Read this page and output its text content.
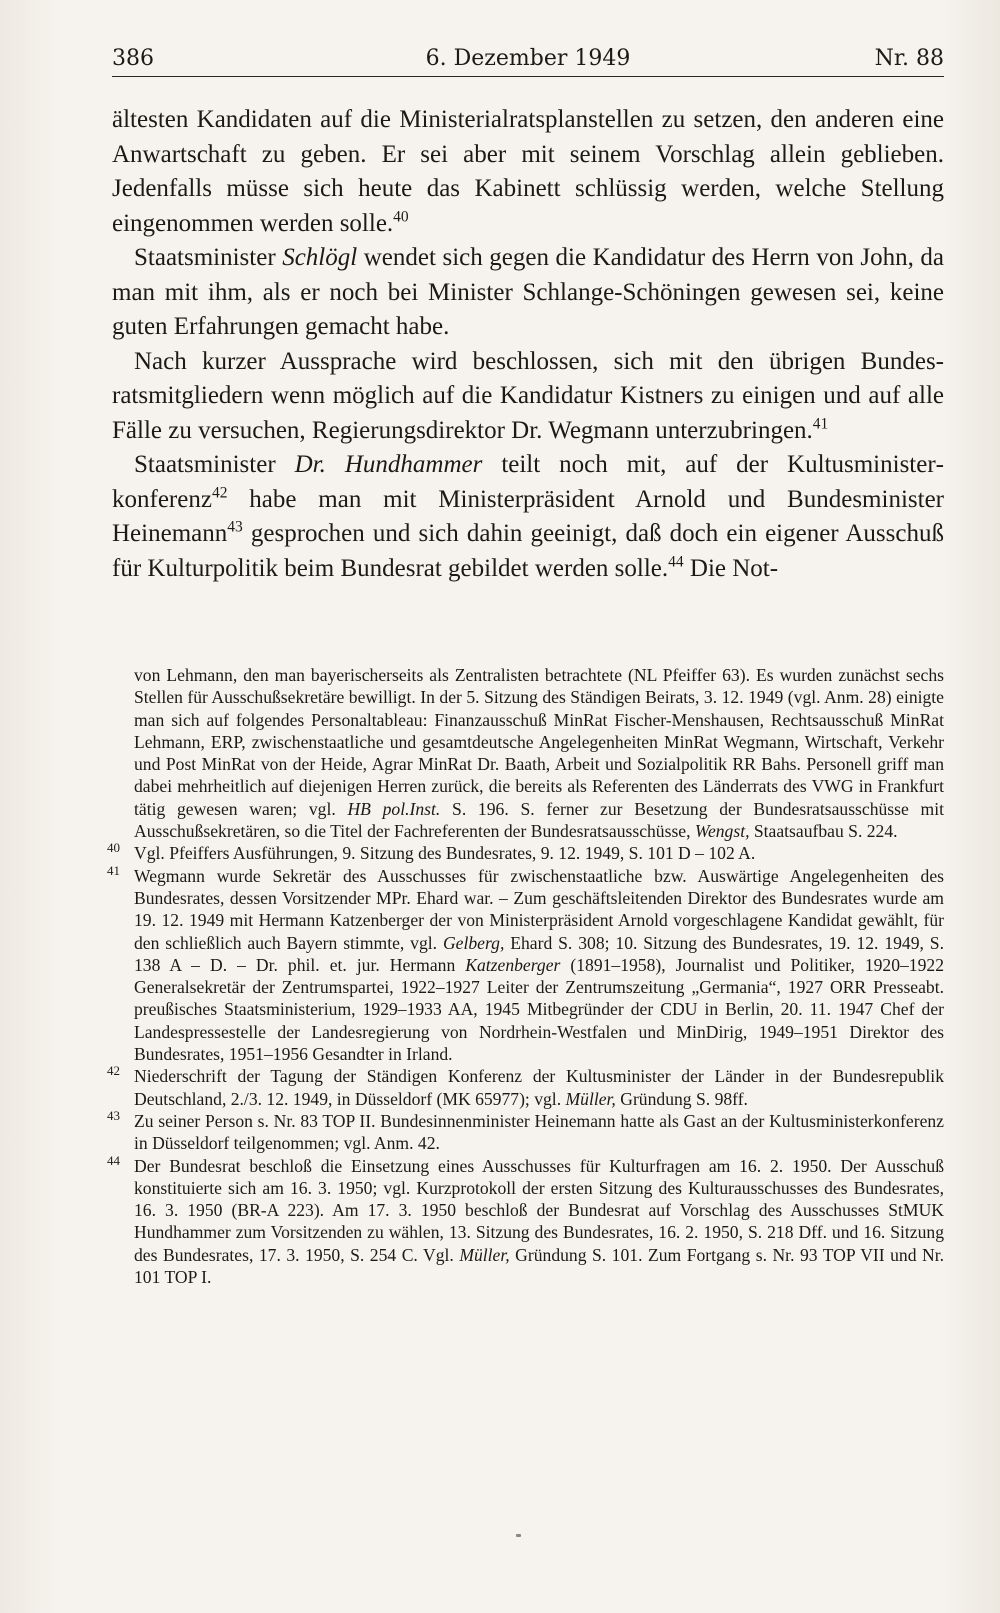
386	6. Dezember 1949	Nr. 88

ältesten Kandidaten auf die Ministerialratsplanstellen zu setzen, den anderen eine Anwartschaft zu geben. Er sei aber mit seinem Vorschlag allein geblieben. Jedenfalls müsse sich heute das Kabinett schlüssig werden, welche Stellung eingenommen werden solle.$^{40}$

Staatsminister Schlögl wendet sich gegen die Kandidatur des Herrn von John, da man mit ihm, als er noch bei Minister Schlange-Schöningen gewesen sei, keine guten Erfahrungen gemacht habe.

Nach kurzer Aussprache wird beschlossen, sich mit den übrigen Bundesratsmitgliedern wenn möglich auf die Kandidatur Kistners zu einigen und auf alle Fälle zu versuchen, Regierungsdirektor Dr. Wegmann unterzubringen.$^{41}$

Staatsminister Dr. Hundhammer teilt noch mit, auf der Kultusministerkonferenz$^{42}$ habe man mit Ministerpräsident Arnold und Bundesminister Heinemann$^{43}$ gesprochen und sich dahin geeinigt, daß doch ein eigener Ausschuß für Kulturpolitik beim Bundesrat gebildet werden solle.$^{44}$ Die Not-

von Lehmann, den man bayerischerseits als Zentralisten betrachtete (NL Pfeiffer 63). Es wurden zunächst sechs Stellen für Ausschußsekretäre bewilligt. In der 5. Sitzung des Ständigen Beirats, 3. 12. 1949 (vgl. Anm. 28) einigte man sich auf folgendes Personaltableau: Finanzausschuß MinRat Fischer-Menshausen, Rechtsausschuß MinRat Lehmann, ERP, zwischenstaatliche und gesamtdeutsche Angelegenheiten MinRat Wegmann, Wirtschaft, Verkehr und Post MinRat von der Heide, Agrar MinRat Dr. Baath, Arbeit und Sozialpolitik RR Bahs. Personell griff man dabei mehrheitlich auf diejenigen Herren zurück, die bereits als Referenten des Länderrats des VWG in Frankfurt tätig gewesen waren; vgl. HB pol.Inst. S. 196. S. ferner zur Besetzung der Bundesratsausschüsse mit Ausschußsekretären, so die Titel der Fachreferenten der Bundesratsausschüsse, Wengst, Staatsaufbau S. 224.

40 Vgl. Pfeiffers Ausführungen, 9. Sitzung des Bundesrates, 9. 12. 1949, S. 101 D – 102 A.

41 Wegmann wurde Sekretär des Ausschusses für zwischenstaatliche bzw. Auswärtige Angelegenheiten des Bundesrates, dessen Vorsitzender MPr. Ehard war. – Zum geschäftsleitenden Direktor des Bundesrates wurde am 19. 12. 1949 mit Hermann Katzenberger der von Ministerpräsident Arnold vorgeschlagene Kandidat gewählt, für den schließlich auch Bayern stimmte, vgl. Gelberg, Ehard S. 308; 10. Sitzung des Bundesrates, 19. 12. 1949, S. 138 A – D. – Dr. phil. et. jur. Hermann Katzenberger (1891–1958), Journalist und Politiker, 1920–1922 Generalsekretär der Zentrumspartei, 1922–1927 Leiter der Zentrumszeitung „Germania“, 1927 ORR Presseabt. preußisches Staatsministerium, 1929–1933 AA, 1945 Mitbegründer der CDU in Berlin, 20. 11. 1947 Chef der Landespressestelle der Landesregierung von Nordrhein-Westfalen und MinDirig, 1949–1951 Direktor des Bundesrates, 1951–1956 Gesandter in Irland.

42 Niederschrift der Tagung der Ständigen Konferenz der Kultusminister der Länder in der Bundesrepublik Deutschland, 2./3. 12. 1949, in Düsseldorf (MK 65977); vgl. Müller, Gründung S. 98ff.

43 Zu seiner Person s. Nr. 83 TOP II. Bundesinnenminister Heinemann hatte als Gast an der Kultusministerkonferenz in Düsseldorf teilgenommen; vgl. Anm. 42.

44 Der Bundesrat beschloß die Einsetzung eines Ausschusses für Kulturfragen am 16. 2. 1950. Der Ausschuß konstituierte sich am 16. 3. 1950; vgl. Kurzprotokoll der ersten Sitzung des Kulturausschusses des Bundesrates, 16. 3. 1950 (BR-A 223). Am 17. 3. 1950 beschloß der Bundesrat auf Vorschlag des Ausschusses StMUK Hundhammer zum Vorsitzenden zu wählen, 13. Sitzung des Bundesrates, 16. 2. 1950, S. 218 Dff. und 16. Sitzung des Bundesrates, 17. 3. 1950, S. 254 C. Vgl. Müller, Gründung S. 101. Zum Fortgang s. Nr. 93 TOP VII und Nr. 101 TOP I.
